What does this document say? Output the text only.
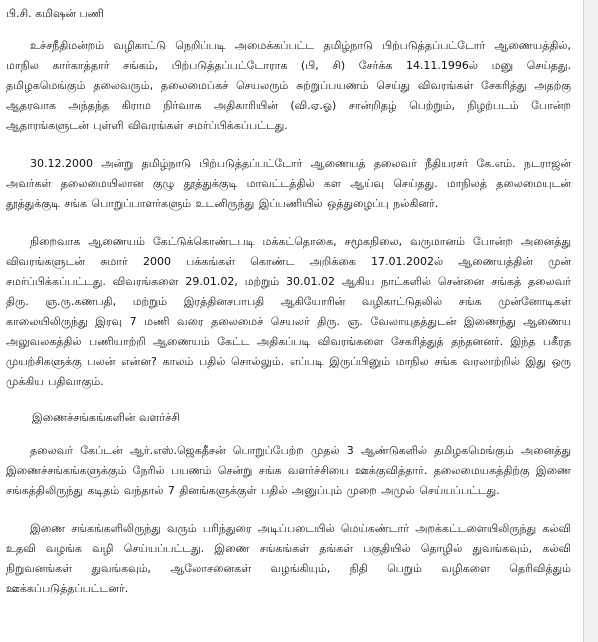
பி.சி. கமிஷன் பணி

உச்சநீதிமன்றம் வழிகாட்டு நெறிப்படி அமைக்கப்பட்ட தமிழ்நாடு பிற்படுத்தப்பட்டோர் ஆணையத்தில், மாநில கார்காத்தார் சங்கம், பிற்படுத்தப்பட்டோராக (பி, சி) சேர்க்க 14.11.1996ல் மனு செய்தது. தமிழகமெங்கும் தலைவரும், தலைமைப்கச் செயலரும் சுற்றுப்பயணம் செய்து விவரங்கள் சேகரித்து அதற்கு ஆதரவாக அந்தந்த கிராம நிர்வாக அதிகாரியின் (வி.ஏ.ஓ) சான்றிதழ் பெற்றும், நிழற்படம் போன்ற ஆதாரங்களுடன் புள்ளி விவரங்கள் சமர்ப்பிக்கப்பட்டது.

30.12.2000 அன்று தமிழ்நாடு பிற்படுத்தப்பட்டோர் ஆணையத் தலைவர் நீதியரசர் கே.எம். நடராஜன் அவர்கள் தலைமையிலான குழு தூத்துக்குடி மாவட்டத்தில் கள ஆய்வு செய்தது. மாநிலத் தலைமையுடன் தூத்துக்குடி சங்க பொறுப்பாளர்களும் உடனிருந்து இப்பணியில் ஒத்துழைப்பு நல்கினர்.

நிறைவாக ஆணையம் கேட்டுக்கொண்டபடி மக்கட்தொகை, சமூகநிலை, வருமானம் போன்ற அனைத்து விவரங்களுடன் சுமார் 2000 பக்கங்கள் கொண்ட அறிக்கை 17.01.2002ல் ஆணையத்தின் முன் சமர்ப்பிக்கப்பட்டது. விவரங்களை 29.01.02, மற்றும் 30.01.02 ஆகிய நாட்களில் சென்னை சங்கத் தலைவர் திரு. ஞ.ரு.கணபதி, மற்றும் இரத்தினசபாபதி ஆகியோரின் வழிகாட்டுதலில் சங்க முன்னோடிகள் காலையிலிருந்து இரவு 7 மணி வரை தலைமைச் செயலர் திரு. ஞ. வேலாயுதத்துடன் இணைந்து ஆணைய அலுவலகத்தில் பணியாற்றி ஆணையம் கேட்ட அதிகப்படி விவரங்களை சேகரித்துத் தந்தனனர். இந்த பகீரத முயற்சிகளுக்கு பலன் என்ன? காலம் பதில் சொல்லும். எப்படி இருப்பினும் மாநில சங்க வரலாற்றில் இது ஒரு முக்கிய பதிவாகும்.

இணைச்சங்கங்களின் வளர்ச்சி

தலைவர் கேப்டன் ஆர்.எஸ்.ஜெகதீசன் பொறுப்பேற்ற முதல் 3 ஆண்டுகளில் தமிழகமெங்கும் அனைத்து இணைச்சங்கங்களுக்கும் நேரில் பயணம் சென்று சங்க வளர்ச்சியை ஊக்குவித்தார். தலைமையகத்திற்கு இணை சங்கத்திலிருந்து கடிதம் வந்தால் 7 தினங்களுக்குள் பதில் அனுப்பும் முறை அமுல் செய்யப்பட்டது.

இணை சங்கங்களிலிருந்து வரும் பரிந்துரை அடிப்படையில் மெய்கண்டார் அறக்கட்டளையிலிருந்து கல்வி உதவி வழங்க வழி செய்யப்பட்டது. இணை சங்கங்கள் தங்கள் பகுதியில் தொழில் துவங்கவும், கல்வி நிறுவனங்கள் துவங்கவும், ஆலோசனைகள் வழங்கியும், நிதி பெறும் வழிகளை தெரிவித்தும் ஊக்கப்படுத்தப்பட்டனர்.
